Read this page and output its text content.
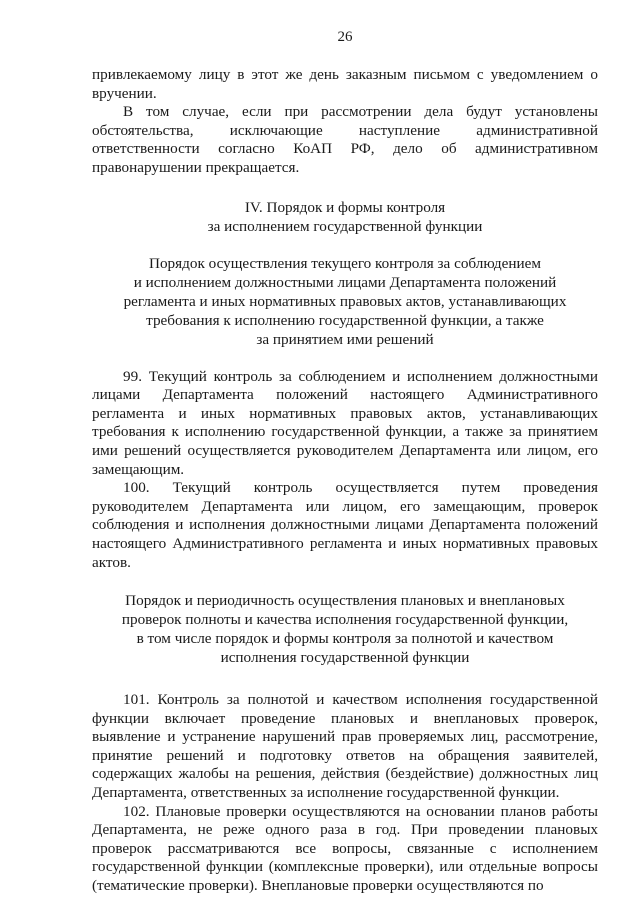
26

привлекаемому лицу в этот же день заказным письмом с уведомлением о вручении.

В том случае, если при рассмотрении дела будут установлены обстоятельства, исключающие наступление административной ответственности согласно КоАП РФ, дело об административном правонарушении прекращается.

IV. Порядок и формы контроля
за исполнением государственной функции
Порядок осуществления текущего контроля за соблюдением
и исполнением должностными лицами Департамента положений
регламента и иных нормативных правовых актов, устанавливающих
требования к исполнению государственной функции, а также
за принятием ими решений

99. Текущий контроль за соблюдением и исполнением должностными лицами Департамента положений настоящего Административного регламента и иных нормативных правовых актов, устанавливающих требования к исполнению государственной функции, а также за принятием ими решений осуществляется руководителем Департамента или лицом, его замещающим.

100. Текущий контроль осуществляется путем проведения руководителем Департамента или лицом, его замещающим, проверок соблюдения и исполнения должностными лицами Департамента положений настоящего Административного регламента и иных нормативных правовых актов.

Порядок и периодичность осуществления плановых и внеплановых
проверок полноты и качества исполнения государственной функции,
в том числе порядок и формы контроля за полнотой и качеством
исполнения государственной функции

101. Контроль за полнотой и качеством исполнения государственной функции включает проведение плановых и внеплановых проверок, выявление и устранение нарушений прав проверяемых лиц, рассмотрение, принятие решений и подготовку ответов на обращения заявителей, содержащих жалобы на решения, действия (бездействие) должностных лиц Департамента, ответственных за исполнение государственной функции.

102. Плановые проверки осуществляются на основании планов работы Департамента, не реже одного раза в год. При проведении плановых проверок рассматриваются все вопросы, связанные с исполнением государственной функции (комплексные проверки), или отдельные вопросы (тематические проверки). Внеплановые проверки осуществляются по
